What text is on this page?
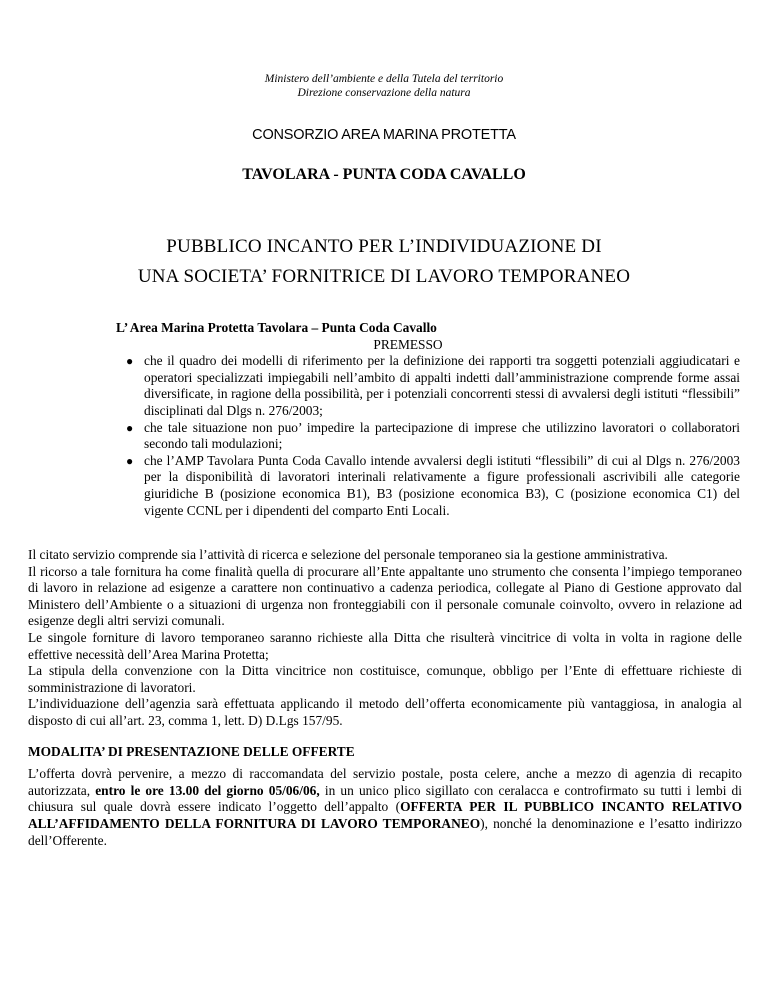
Ministero dell’ambiente e della Tutela del territorio
Direzione conservazione della natura
CONSORZIO AREA MARINA PROTETTA
TAVOLARA - PUNTA CODA CAVALLO
PUBBLICO INCANTO PER L’INDIVIDUAZIONE DI
UNA SOCIETA’ FORNITRICE DI LAVORO TEMPORANEO
L’ Area Marina Protetta Tavolara – Punta Coda Cavallo
PREMESSO
● che il quadro dei modelli di riferimento per la definizione dei rapporti tra soggetti potenziali aggiudicatari e operatori specializzati impiegabili nell’ambito di appalti indetti dall’amministrazione comprende forme assai diversificate, in ragione della possibilità, per i potenziali concorrenti stessi di avvalersi degli istituti “flessibili” disciplinati dal Dlgs n. 276/2003;
● che tale situazione non puo’ impedire la partecipazione di imprese che utilizzino lavoratori o collaboratori secondo tali modulazioni;
● che l’AMP Tavolara Punta Coda Cavallo intende avvalersi degli istituti “flessibili” di cui al Dlgs n. 276/2003 per la disponibilità di lavoratori interinali relativamente a figure professionali ascrivibili alle categorie giuridiche B (posizione economica B1), B3 (posizione economica B3), C (posizione economica C1) del vigente CCNL per i dipendenti del comparto Enti Locali.

Il citato servizio comprende sia l’attività di ricerca e selezione del personale temporaneo sia la gestione amministrativa.

Il ricorso a tale fornitura ha come finalità quella di procurare all’Ente appaltante uno strumento che consenta l’impiego temporaneo di lavoro in relazione ad esigenze a carattere non continuativo a cadenza periodica, collegate al Piano di Gestione approvato dal Ministero dell’Ambiente o a situazioni di urgenza non fronteggiabili con il personale comunale coinvolto, ovvero in relazione ad esigenze degli altri servizi comunali.

Le singole forniture di lavoro temporaneo saranno richieste alla Ditta che risulterà vincitrice di volta in volta in ragione delle effettive necessità dell’Area Marina Protetta;

La stipula della convenzione con la Ditta vincitrice non costituisce, comunque, obbligo per l’Ente di effettuare richieste di somministrazione di lavoratori.

L’individuazione dell’agenzia sarà effettuata applicando il metodo dell’offerta economicamente più vantaggiosa, in analogia al disposto di cui all’art. 23, comma 1, lett. D) D.Lgs 157/95.

MODALITA’ DI PRESENTAZIONE DELLE OFFERTE

L’offerta dovrà pervenire, a mezzo di raccomandata del servizio postale, posta celere, anche a mezzo di agenzia di recapito autorizzata, entro le ore 13.00 del giorno 05/06/06, in un unico plico sigillato con ceralacca e controfirmato su tutti i lembi di chiusura sul quale dovrà essere indicato l’oggetto dell’appalto (OFFERTA PER IL PUBBLICO INCANTO RELATIVO ALL’AFFIDAMENTO DELLA FORNITURA DI LAVORO TEMPORANEO), nonché la denominazione e l’esatto indirizzo dell’Offerente.
